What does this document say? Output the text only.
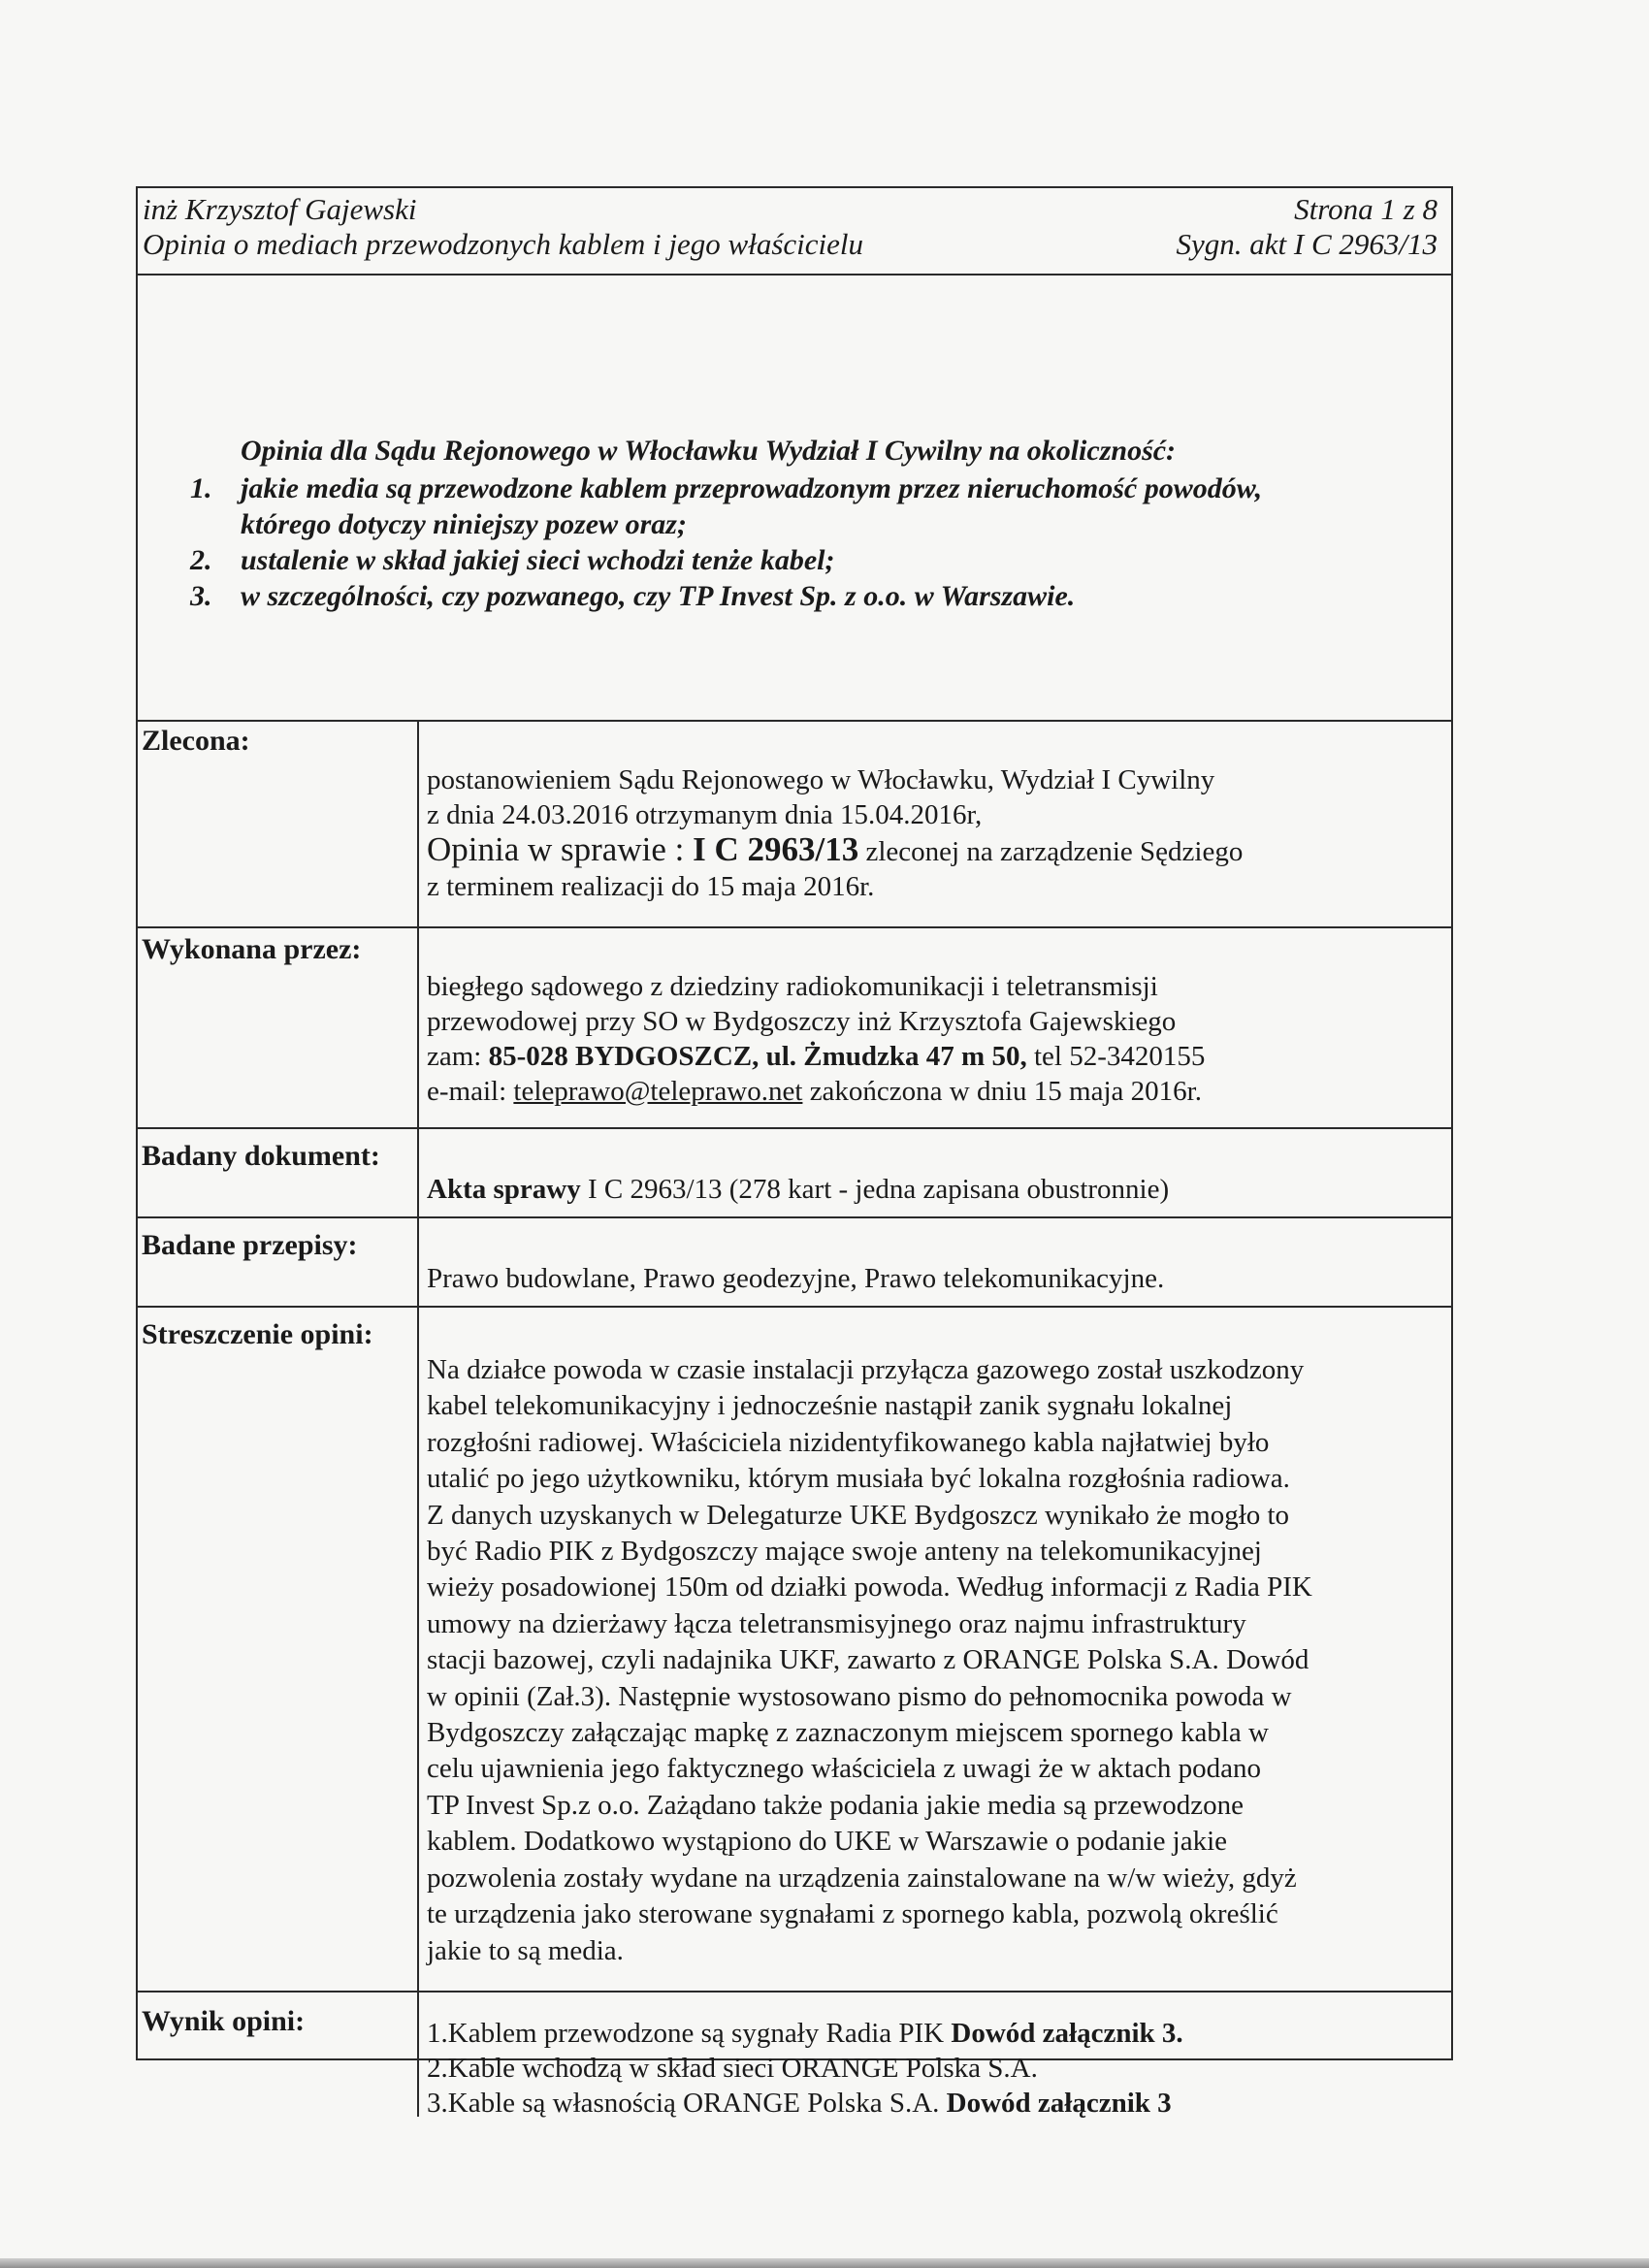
inż Krzysztof Gajewski	Strona 1 z 8
Opinia o mediach przewodzonych kablem i jego właścicielu	Sygn. akt I C 2963/13
Opinia dla Sądu Rejonowego w Włocławku Wydział I Cywilny na okoliczność:
1. jakie media są przewodzone kablem przeprowadzonym przez nieruchomość powodów,
którego dotyczy niniejszy pozew oraz;
2. ustalenie w skład jakiej sieci wchodzi tenże kabel;
3. w szczególności, czy pozwanego, czy TP Invest Sp. z o.o. w Warszawie.
Zlecona:
postanowieniem Sądu Rejonowego w Włocławku, Wydział I Cywilny
z dnia 24.03.2016 otrzymanym dnia 15.04.2016r,
Opinia w sprawie : I C 2963/13 zleconej na zarządzenie Sędziego
z terminem realizacji do 15 maja 2016r.
Wykonana przez:
biegłego sądowego z dziedziny radiokomunikacji i teletransmisji
przewodowej przy SO w Bydgoszczy inż Krzysztofa Gajewskiego
zam: 85-028 BYDGOSZCZ, ul. Żmudzka 47 m 50, tel 52-3420155
e-mail: teleprawo@teleprawo.net zakończona w dniu 15 maja 2016r.
Badany dokument:
Akta sprawy I C 2963/13 (278 kart - jedna zapisana obustronnie)
Badane przepisy:
Prawo budowlane, Prawo geodezyjne, Prawo telekomunikacyjne.
Streszczenie opini:
Na działce powoda w czasie instalacji przyłącza gazowego został uszkodzony
kabel telekomunikacyjny i jednocześnie nastąpił zanik sygnału lokalnej
rozgłośni radiowej. Właściciela nizidentyfikowanego kabla najłatwiej było
utalić po jego użytkowniku, którym musiała być lokalna rozgłośnia radiowa.
Z danych uzyskanych w Delegaturze UKE Bydgoszcz wynikało że mogło to
być Radio PIK z Bydgoszczy mające swoje anteny na telekomunikacyjnej
wieży posadowionej 150m od działki powoda. Według informacji z Radia PIK
umowy na dzierżawy łącza teletransmisyjnego oraz najmu infrastruktury
stacji bazowej, czyli nadajnika UKF, zawarto z ORANGE Polska S.A. Dowód
w opinii (Zał.3). Następnie wystosowano pismo do pełnomocnika powoda w
Bydgoszczy załączając mapkę z zaznaczonym miejscem spornego kabla w
celu ujawnienia jego faktycznego właściciela z uwagi że w aktach podano
TP Invest Sp.z o.o. Zażądano także podania jakie media są przewodzone
kablem. Dodatkowo wystąpiono do UKE w Warszawie o podanie jakie
pozwolenia zostały wydane na urządzenia zainstalowane na w/w wieży, gdyż
te urządzenia jako sterowane sygnałami z spornego kabla, pozwolą określić
jakie to są media.
Wynik opini:	1.Kablem przewodzone są sygnały Radia PIK Dowód załącznik 3.
2.Kable wchodzą w skład sieci ORANGE Polska S.A.
3.Kable są własnością ORANGE Polska S.A. Dowód załącznik 3
